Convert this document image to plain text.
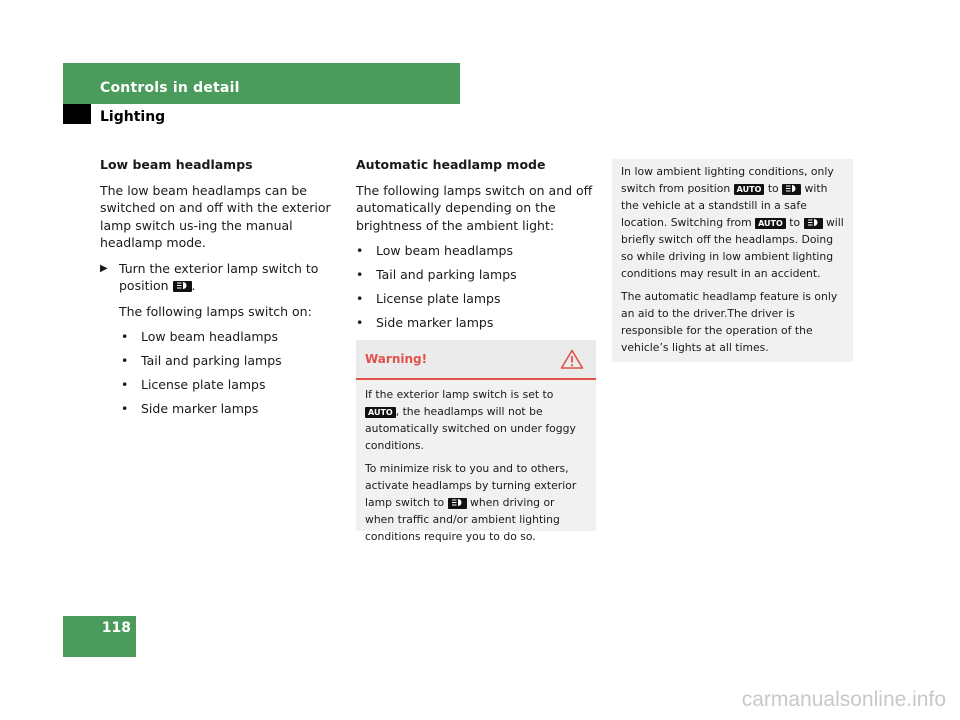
Controls in detail
Lighting
Low beam headlamps

The low beam headlamps can be switched on and off with the exterior lamp switch us-ing the manual headlamp mode.

▶ Turn the exterior lamp switch to position .

The following lamps switch on:

• Low beam headlamps
• Tail and parking lamps
• License plate lamps
• Side marker lamps
Automatic headlamp mode

The following lamps switch on and off automatically depending on the brightness of the ambient light:

• Low beam headlamps
• Tail and parking lamps
• License plate lamps
• Side marker lamps
Warning!

If the exterior lamp switch is set to AUTO , the headlamps will not be automatically switched on under foggy conditions.

To minimize risk to you and to others, activate headlamps by turning exterior lamp switch to when driving or when traffic and/or ambient lighting conditions require you to do so.

In low ambient lighting conditions, only switch from position AUTO to with the vehicle at a standstill in a safe location. Switching from AUTO to will briefly switch off the headlamps. Doing so while driving in low ambient lighting conditions may result in an accident.

The automatic headlamp feature is only an aid to the driver.The driver is responsible for the operation of the vehicle’s lights at all times.

118
carmanualsonline.info
